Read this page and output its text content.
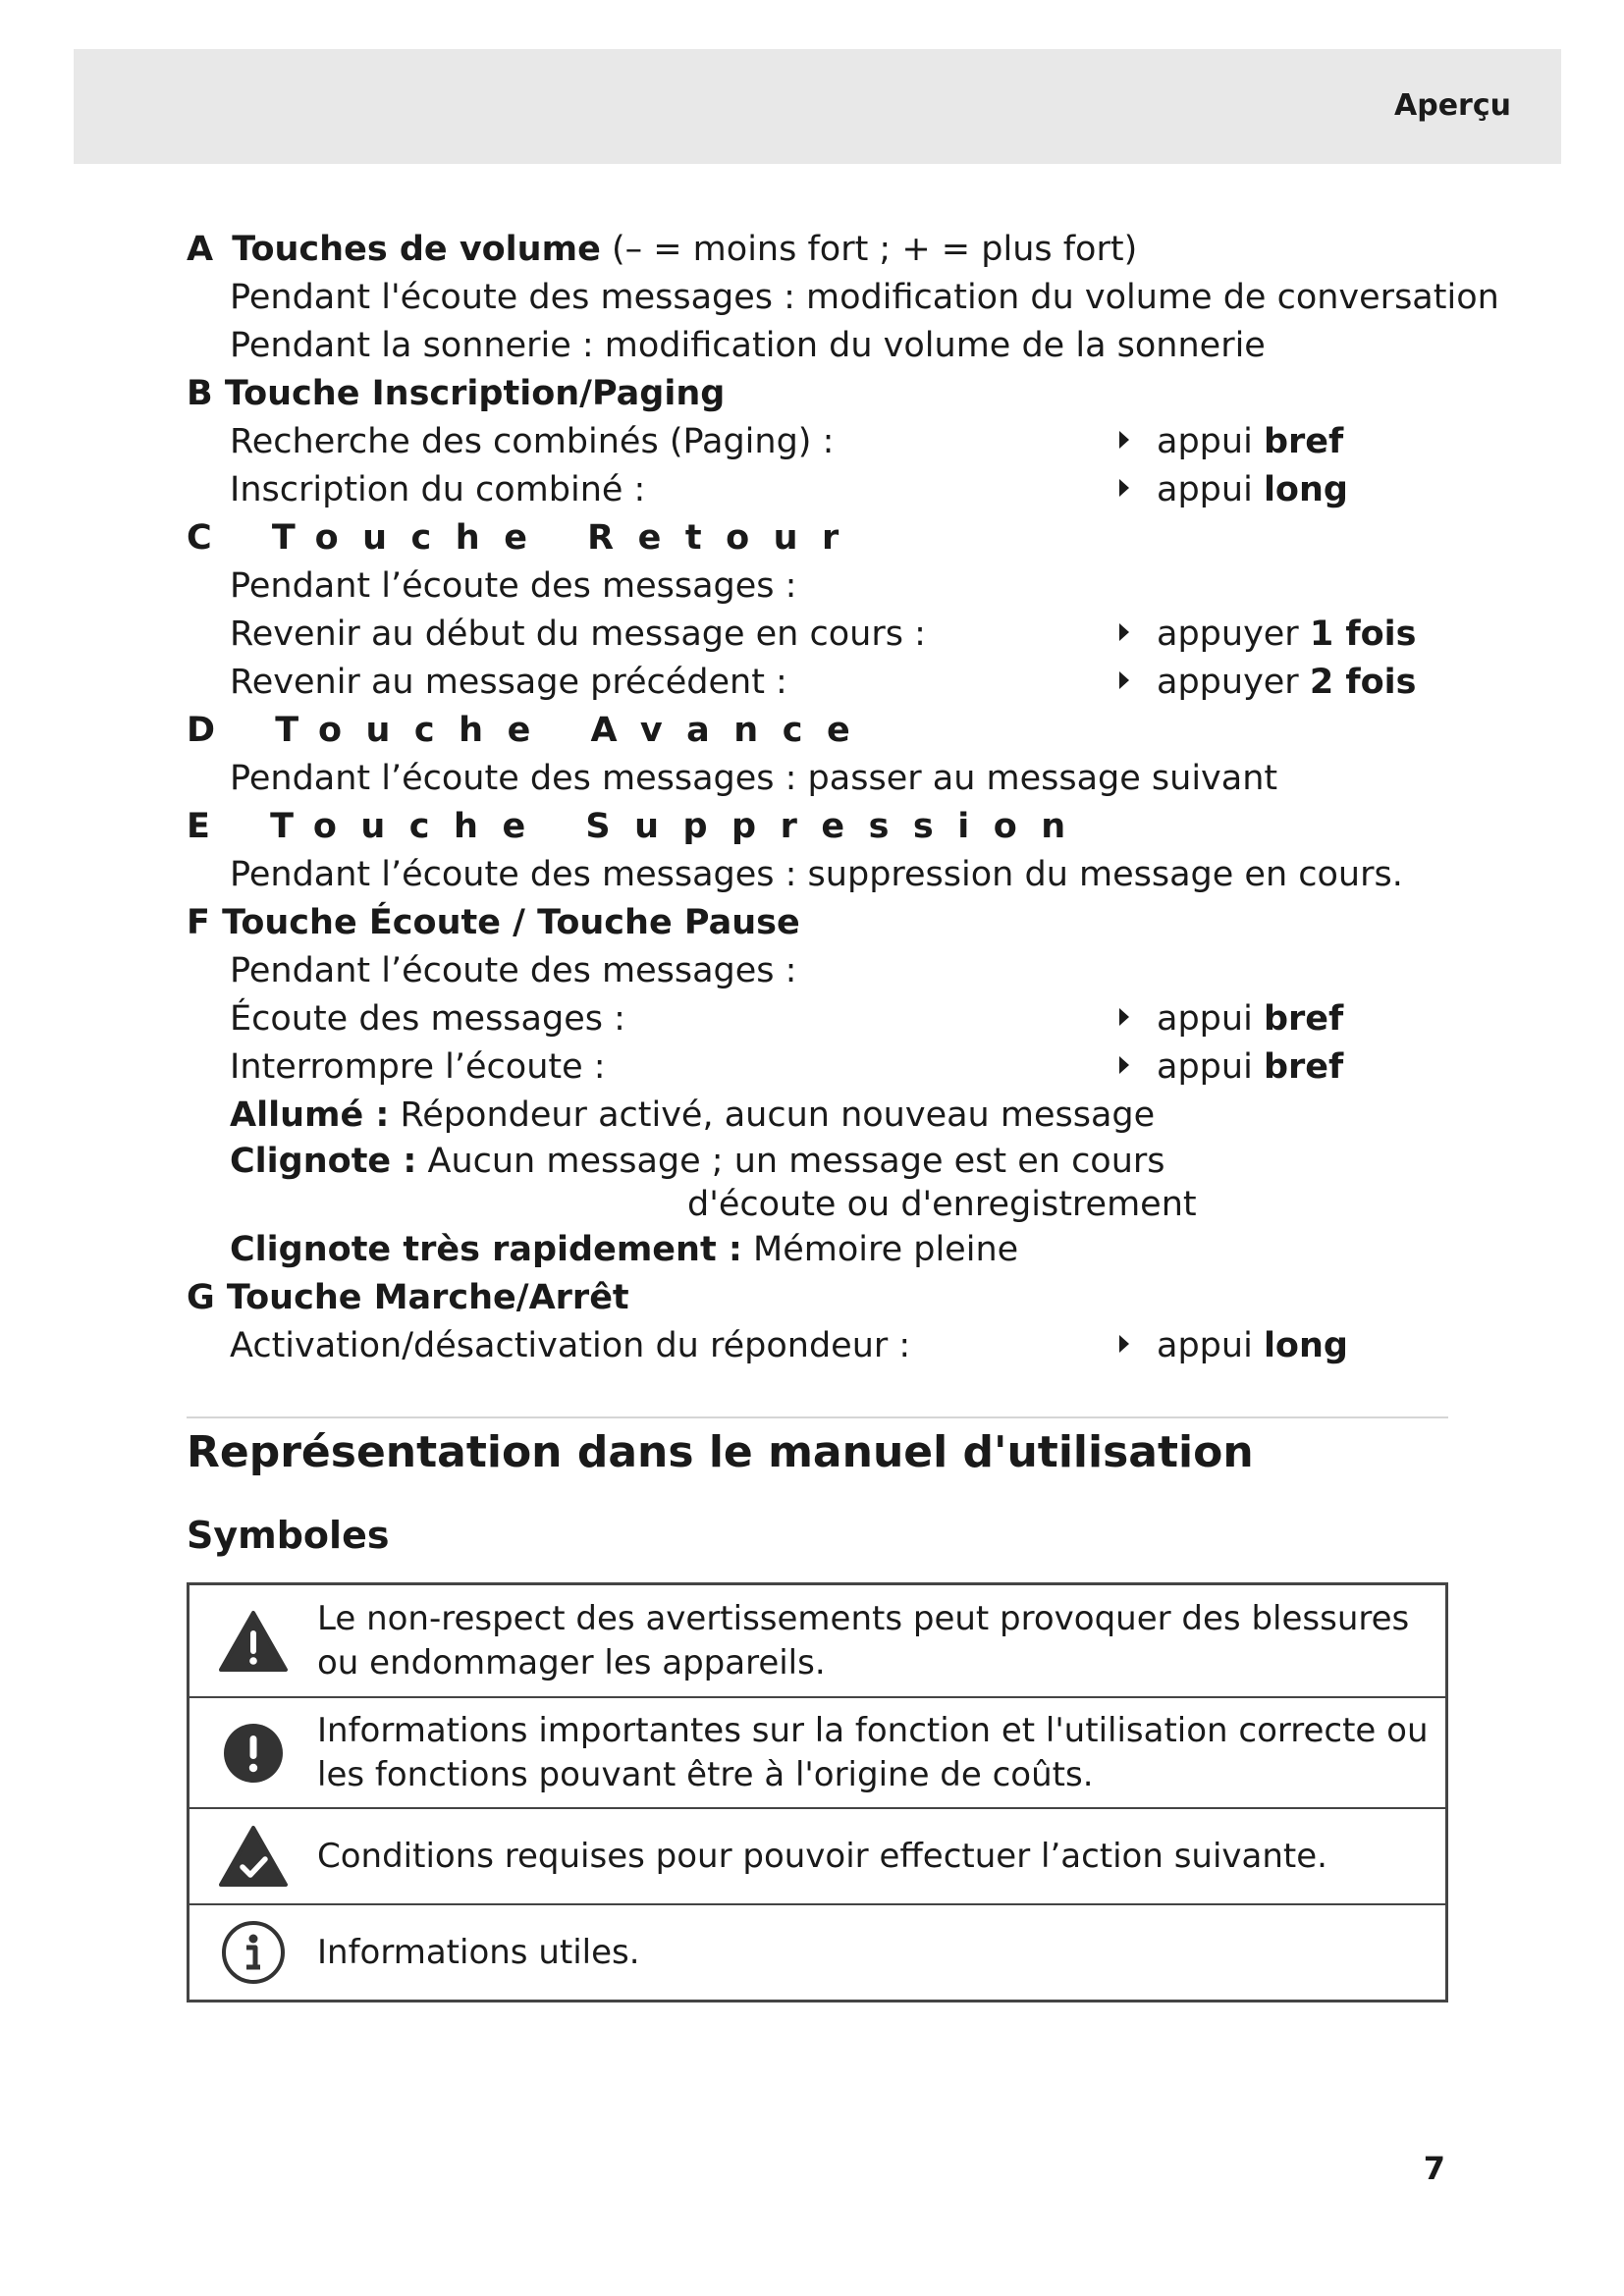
Aperçu
A Touches de volume (– = moins fort ; + = plus fort)
Pendant l'écoute des messages : modification du volume de conversation
Pendant la sonnerie : modification du volume de la sonnerie
B Touche Inscription/Paging
Recherche des combinés (Paging) :	appui bref
Inscription du combiné :	appui long
C Touche Retour
Pendant l’écoute des messages :
Revenir au début du message en cours :	appuyer 1 fois
Revenir au message précédent :	appuyer 2 fois
D Touche Avance
Pendant l’écoute des messages : passer au message suivant
E Touche Suppression
Pendant l’écoute des messages : suppression du message en cours.
F Touche Écoute / Touche Pause
Pendant l’écoute des messages :
Écoute des messages :	appui bref
Interrompre l’écoute :	appui bref
Allumé : Répondeur activé, aucun nouveau message
Clignote : Aucun message ; un message est en cours
d'écoute ou d'enregistrement
Clignote très rapidement : Mémoire pleine
G Touche Marche/Arrêt
Activation/désactivation du répondeur :	appui long
Représentation dans le manuel d'utilisation
Symboles
Le non-respect des avertissements peut provoquer des blessures ou endommager les appareils.
Informations importantes sur la fonction et l'utilisation correcte ou les fonctions pouvant être à l'origine de coûts.
Conditions requises pour pouvoir effectuer l’action suivante.
Informations utiles.
7
